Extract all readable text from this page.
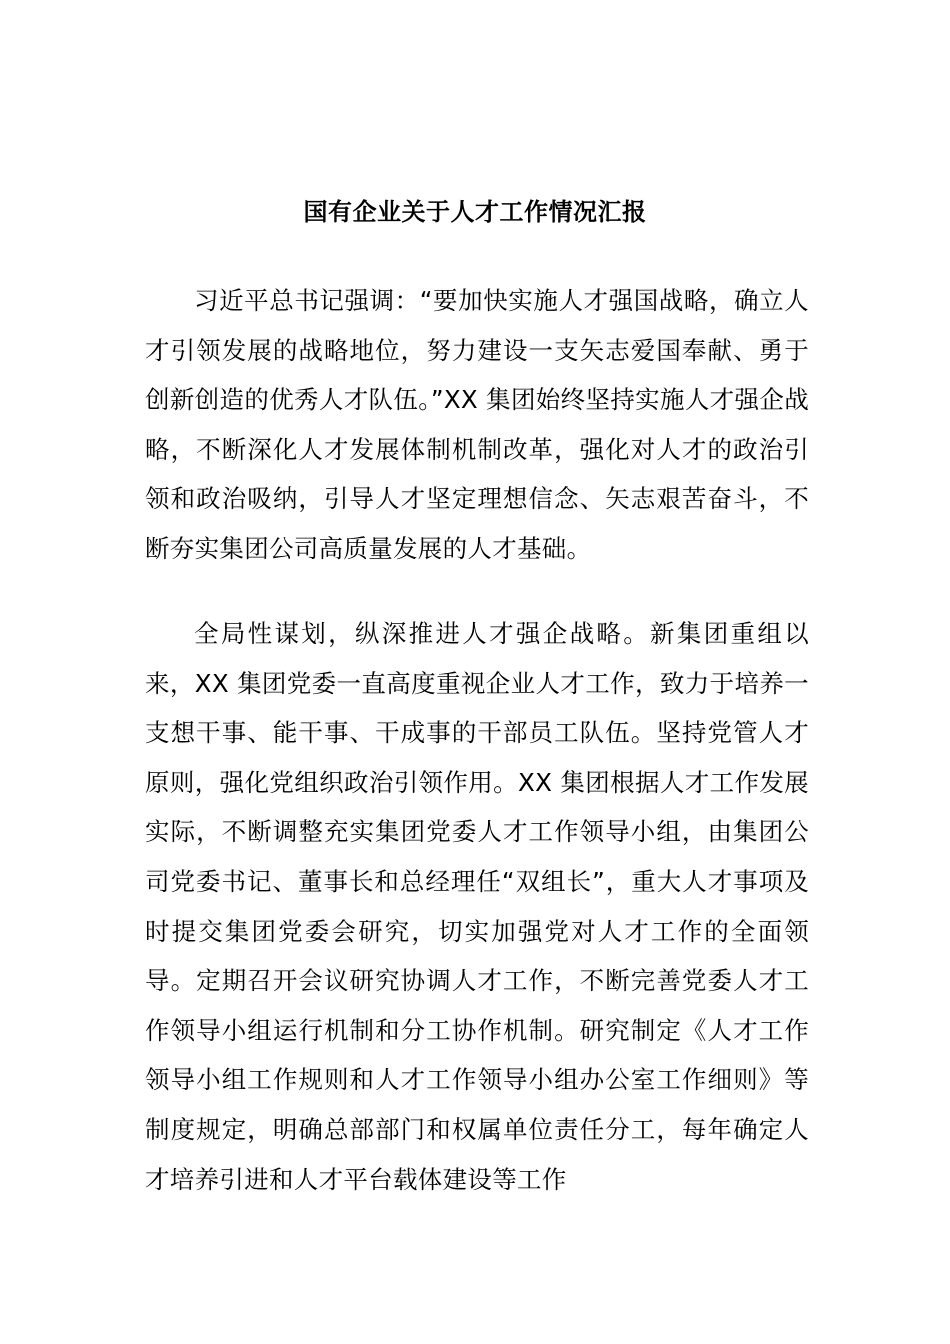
国有企业关于人才工作情况汇报

习近平总书记强调：“要加快实施人才强国战略，确立人才引领发展的战略地位，努力建设一支矢志爱国奉献、勇于创新创造的优秀人才队伍。”XX 集团始终坚持实施人才强企战略，不断深化人才发展体制机制改革，强化对人才的政治引领和政治吸纳，引导人才坚定理想信念、矢志艰苦奋斗，不断夯实集团公司高质量发展的人才基础。

全局性谋划，纵深推进人才强企战略。新集团重组以来，XX 集团党委一直高度重视企业人才工作，致力于培养一支想干事、能干事、干成事的干部员工队伍。坚持党管人才原则，强化党组织政治引领作用。XX 集团根据人才工作发展实际，不断调整充实集团党委人才工作领导小组，由集团公司党委书记、董事长和总经理任“双组长”，重大人才事项及时提交集团党委会研究，切实加强党对人才工作的全面领导。定期召开会议研究协调人才工作，不断完善党委人才工作领导小组运行机制和分工协作机制。研究制定《人才工作领导小组工作规则和人才工作领导小组办公室工作细则》等制度规定，明确总部部门和权属单位责任分工，每年确定人才培养引进和人才平台载体建设等工作
